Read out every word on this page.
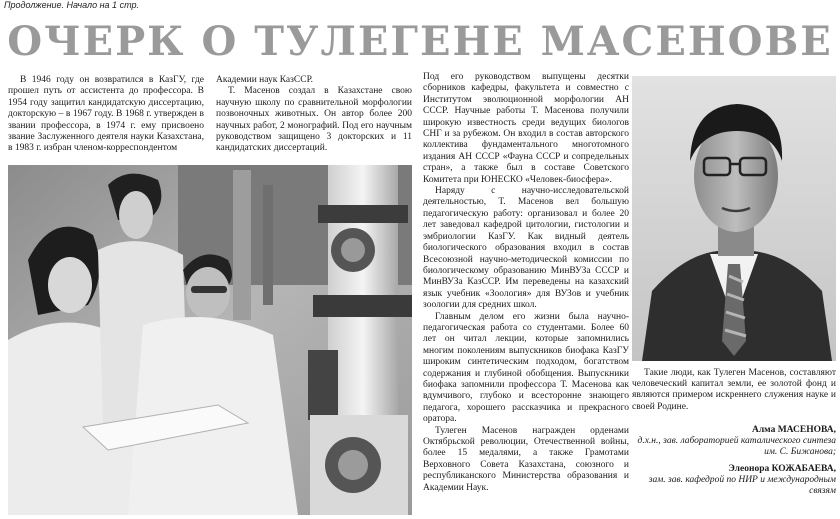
Продолжение. Начало на 1 стр.
ОЧЕРК О ТУЛЕГЕНЕ МАСЕНОВЕ

В 1946 году он возвратился в КазГУ, где прошел путь от ассистента до профессора. В 1954 году защитил кандидатскую диссертацию, докторскую – в 1967 году. В 1968 г. утвержден в звании профессора, в 1974 г. ему присвоено звание Заслуженного деятеля науки Казахстана, в 1983 г. избран членом-корреспондентом

Академии наук КазССР.

Т. Масенов создал в Казахстане свою научную школу по сравнительной морфологии позвоночных животных. Он автор более 200 научных работ, 2 монографий. Под его научным руководством защищено 3 докторских и 11 кандидатских диссертаций.

Под его руководством выпущены десятки сборников кафедры, факультета и совместно с Институтом эволюционной морфологии АН СССР. Научные работы Т. Масенова получили широкую известность среди ведущих биологов СНГ и за рубежом. Он входил в состав авторского коллектива фундаментального многотомного издания АН СССР «Фауна СССР и сопредельных стран», а также был в составе Советского Комитета при ЮНЕСКО «Человек-биосфера».

Наряду с научно-исследовательской деятельностью, Т. Масенов вел большую педагогическую работу: организовал и более 20 лет заведовал кафедрой цитологии, гистологии и эмбриологии КазГУ. Как видный деятель биологического образования входил в состав Всесоюзной научно-методической комиссии по биологическому образованию МинВУЗа СССР и МинВУЗа КазССР. Им переведены на казахский язык учебник «Зоология» для ВУЗов и учебник зоологии для средних школ.

Главным делом его жизни была научно-педагогическая работа со студентами. Более 60 лет он читал лекции, которые запомнились многим поколениям выпускников биофака КазГУ широким синтетическим подходом, богатством содержания и глубиной обобщения. Выпускники биофака запомнили профессора Т. Масенова как вдумчивого, глубоко и всесторонне знающего педагога, хорошего рассказчика и прекрасного оратора.

Тулеген Масенов награжден орденами Октябрьской революции, Отечественной войны, более 15 медалями, а также Грамотами Верховного Совета Казахстана, союзного и республиканского Министерства образования и Академии Наук.

Такие люди, как Тулеген Масенов, составляют человеческий капитал земли, ее золотой фонд и являются примером искреннего служения науке и своей Родине.

Алма МАСЕНОВА,
д.х.н., зав. лабораторией каталического синтеза им. С. Бижанова;
Элеонора КОЖАБАЕВА,
зам. зав. кафедрой по НИР и международным связям
